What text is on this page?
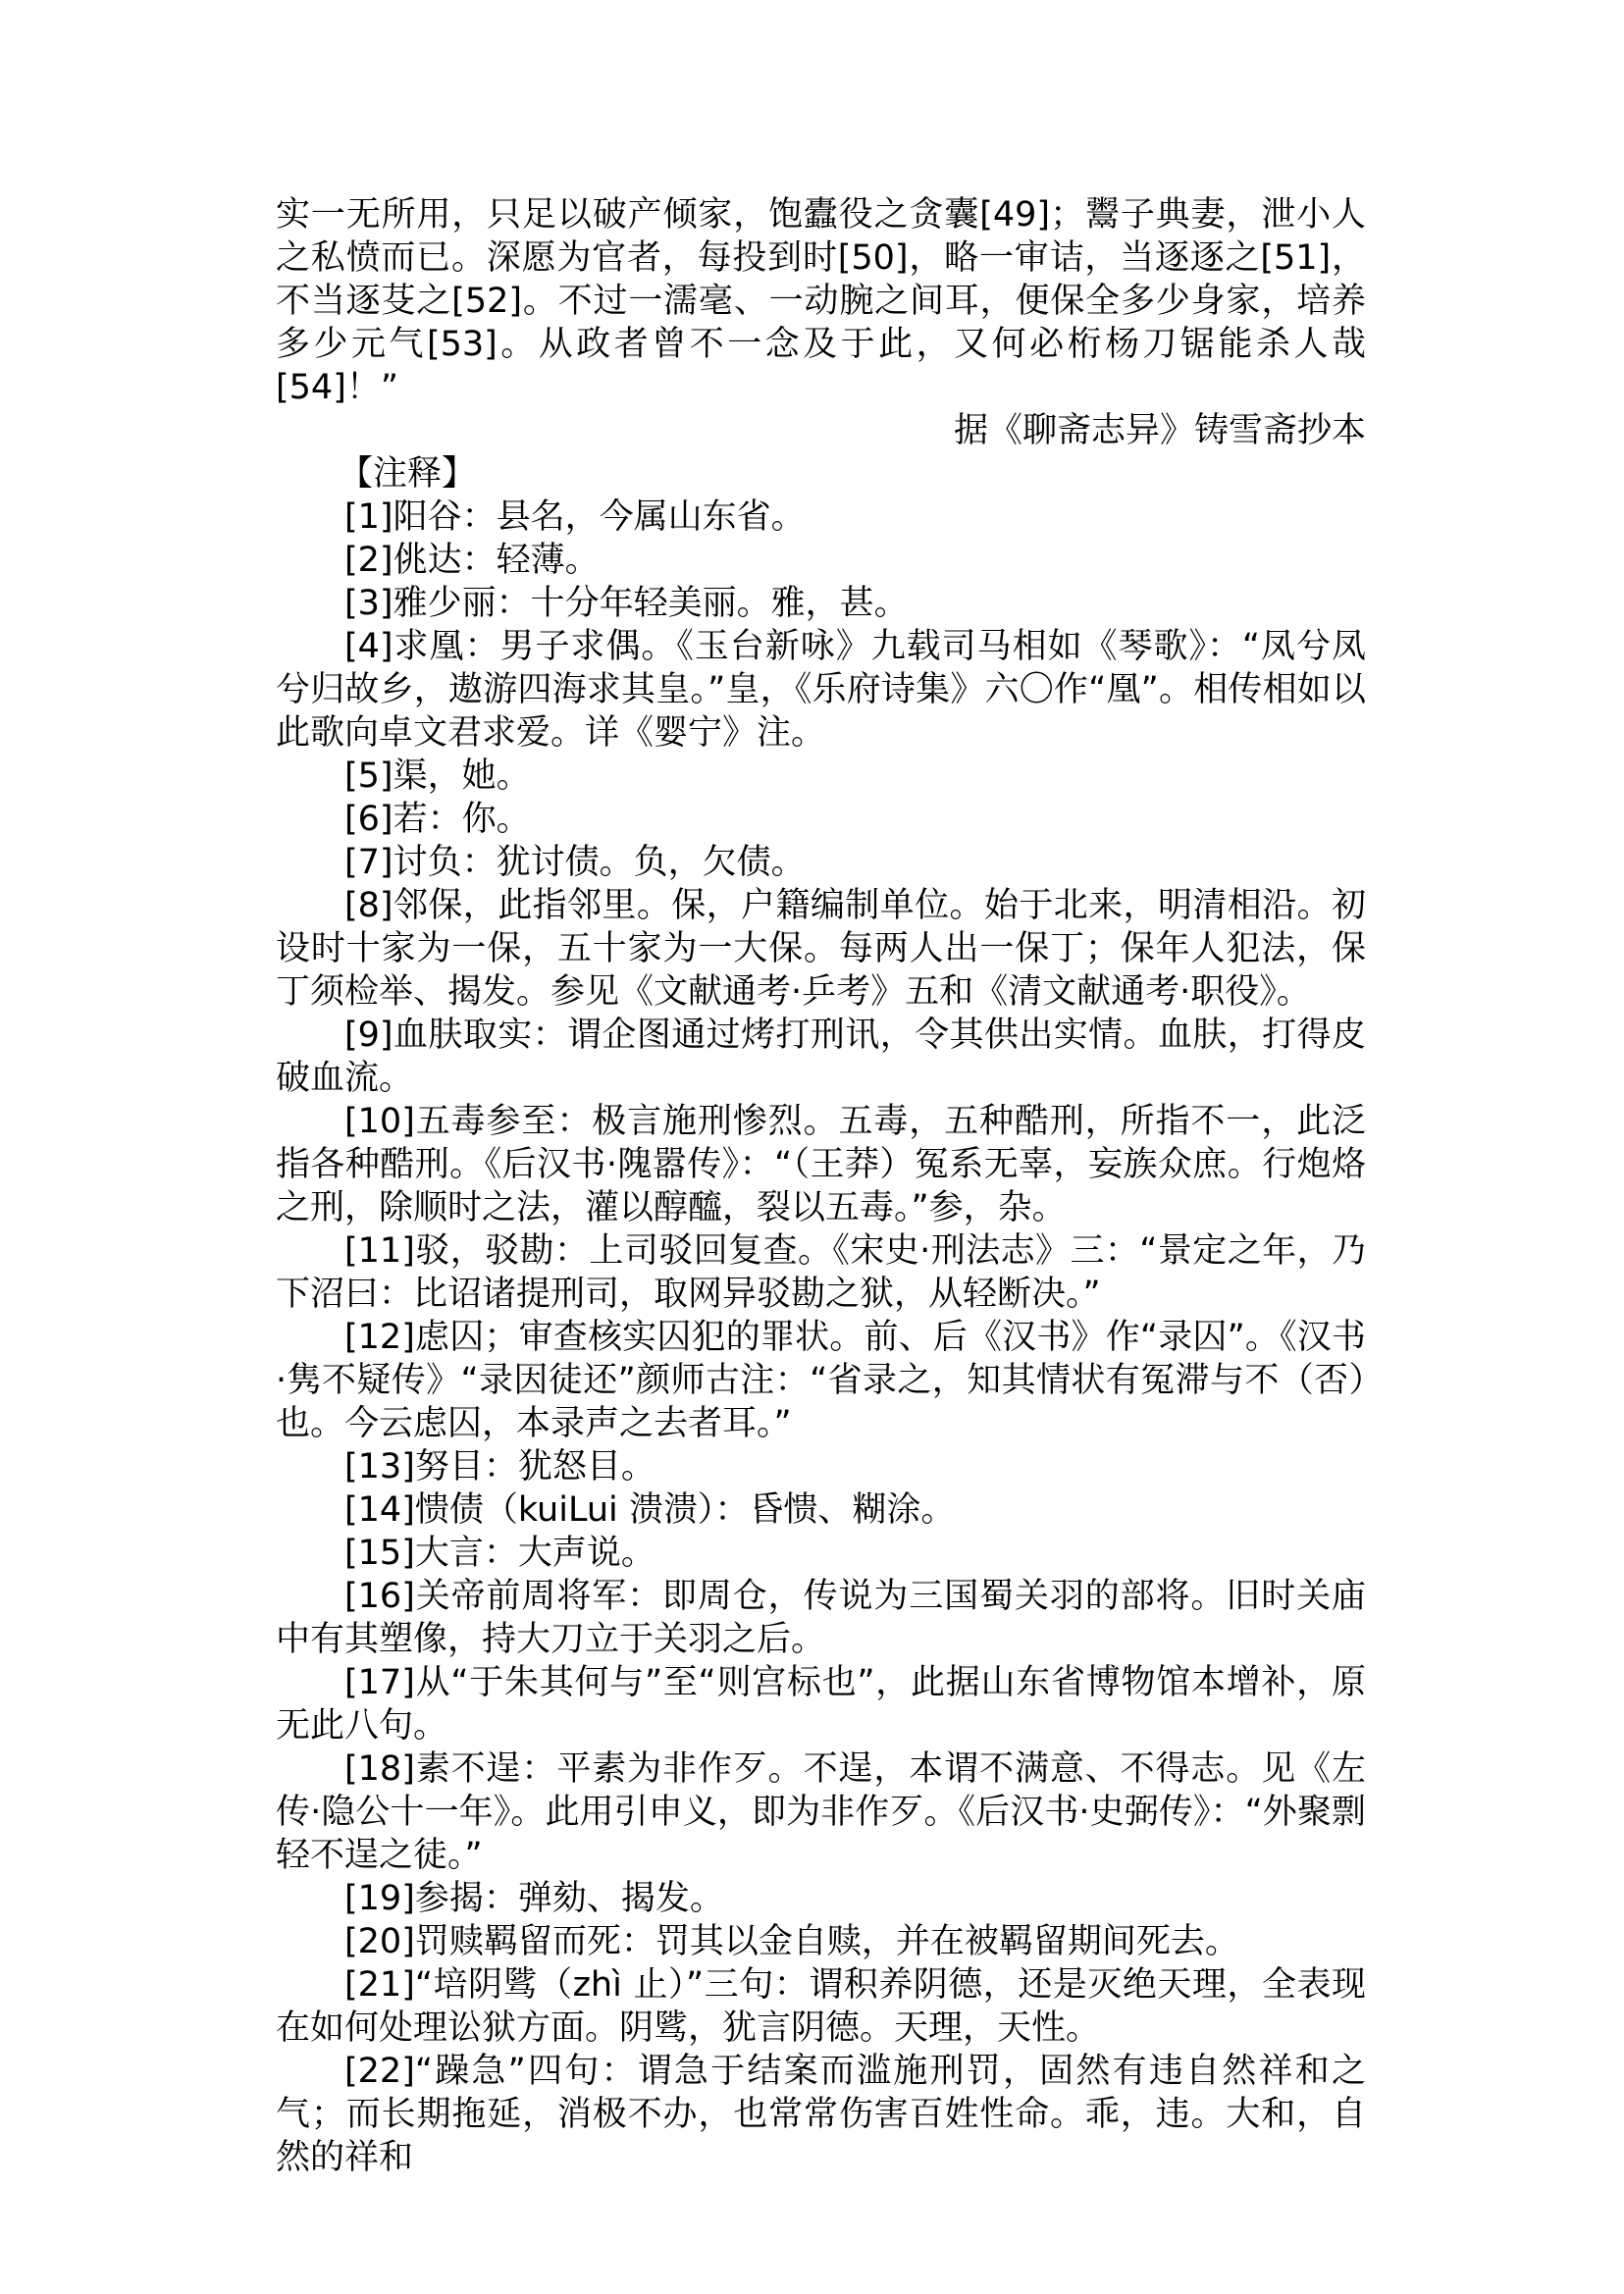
实一无所用，只足以破产倾家，饱蠹役之贪囊[49]；鬻子典妻，泄小人之私愤而已。深愿为官者，每投到时[50]，略一审诘，当逐逐之[51]，不当逐芟之[52]。不过一濡毫、一动腕之间耳，便保全多少身家，培养多少元气[53]。从政者曾不一念及于此，又何必桁杨刀锯能杀人哉[54]！”

据《聊斋志异》铸雪斋抄本

【注释】

[1]阳谷：县名，今属山东省。

[2]佻达：轻薄。

[3]雅少丽：十分年轻美丽。雅，甚。

[4]求凰：男子求偶。《玉台新咏》九载司马相如《琴歌》：“凤兮凤兮归故乡，遨游四海求其皇。”皇，《乐府诗集》六〇作“凰”。相传相如以此歌向卓文君求爱。详《婴宁》注。

[5]渠，她。

[6]若：你。

[7]讨负：犹讨债。负，欠债。

[8]邻保，此指邻里。保，户籍编制单位。始于北来，明清相沿。初设时十家为一保，五十家为一大保。每两人出一保丁；保年人犯法，保丁须检举、揭发。参见《文献通考·乒考》五和《清文献通考·职役》。

[9]血肤取实：谓企图通过烤打刑讯，令其供出实情。血肤，打得皮破血流。

[10]五毒参至：极言施刑惨烈。五毒，五种酷刑，所指不一，此泛指各种酷刑。《后汉书·隗嚣传》：“（王莽）冤系无辜，妄族众庶。行炮烙之刑，除顺时之法，灌以醇醯，裂以五毒。”参，杂。

[11]驳，驳勘：上司驳回复查。《宋史·刑法志》三：“景定之年，乃下沼曰：比诏诸提刑司，取网异驳勘之狱，从轻断决。”

[12]虑囚；审查核实囚犯的罪状。前、后《汉书》作“录囚”。《汉书·隽不疑传》“录因徒还”颜师古注：“省录之，知其情状有冤滞与不（否）也。今云虑囚，本录声之去者耳。”

[13]努目：犹怒目。

[14]愦债（kuiLui 溃溃）：昏愦、糊涂。

[15]大言：大声说。

[16]关帝前周将军：即周仓，传说为三国蜀关羽的部将。旧时关庙中有其塑像，持大刀立于关羽之后。

[17]从“于朱其何与”至“则宫标也”，此据山东省博物馆本增补，原无此八句。

[18]素不逞：平素为非作歹。不逞，本谓不满意、不得志。见《左传·隐公十一年》。此用引申义，即为非作歹。《后汉书·史弼传》：“外聚剽轻不逞之徒。”

[19]参揭：弹劾、揭发。

[20]罚赎羁留而死：罚其以金自赎，并在被羁留期间死去。

[21]“培阴骘（zhì 止）”三句：谓积养阴德，还是灭绝天理，全表现在如何处理讼狱方面。阴骘，犹言阴德。天理，天性。

[22]“躁急”四句：谓急于结案而滥施刑罚，固然有违自然祥和之气；而长期拖延，消极不办，也常常伤害百姓性命。乖，违。大和，自然的祥和
